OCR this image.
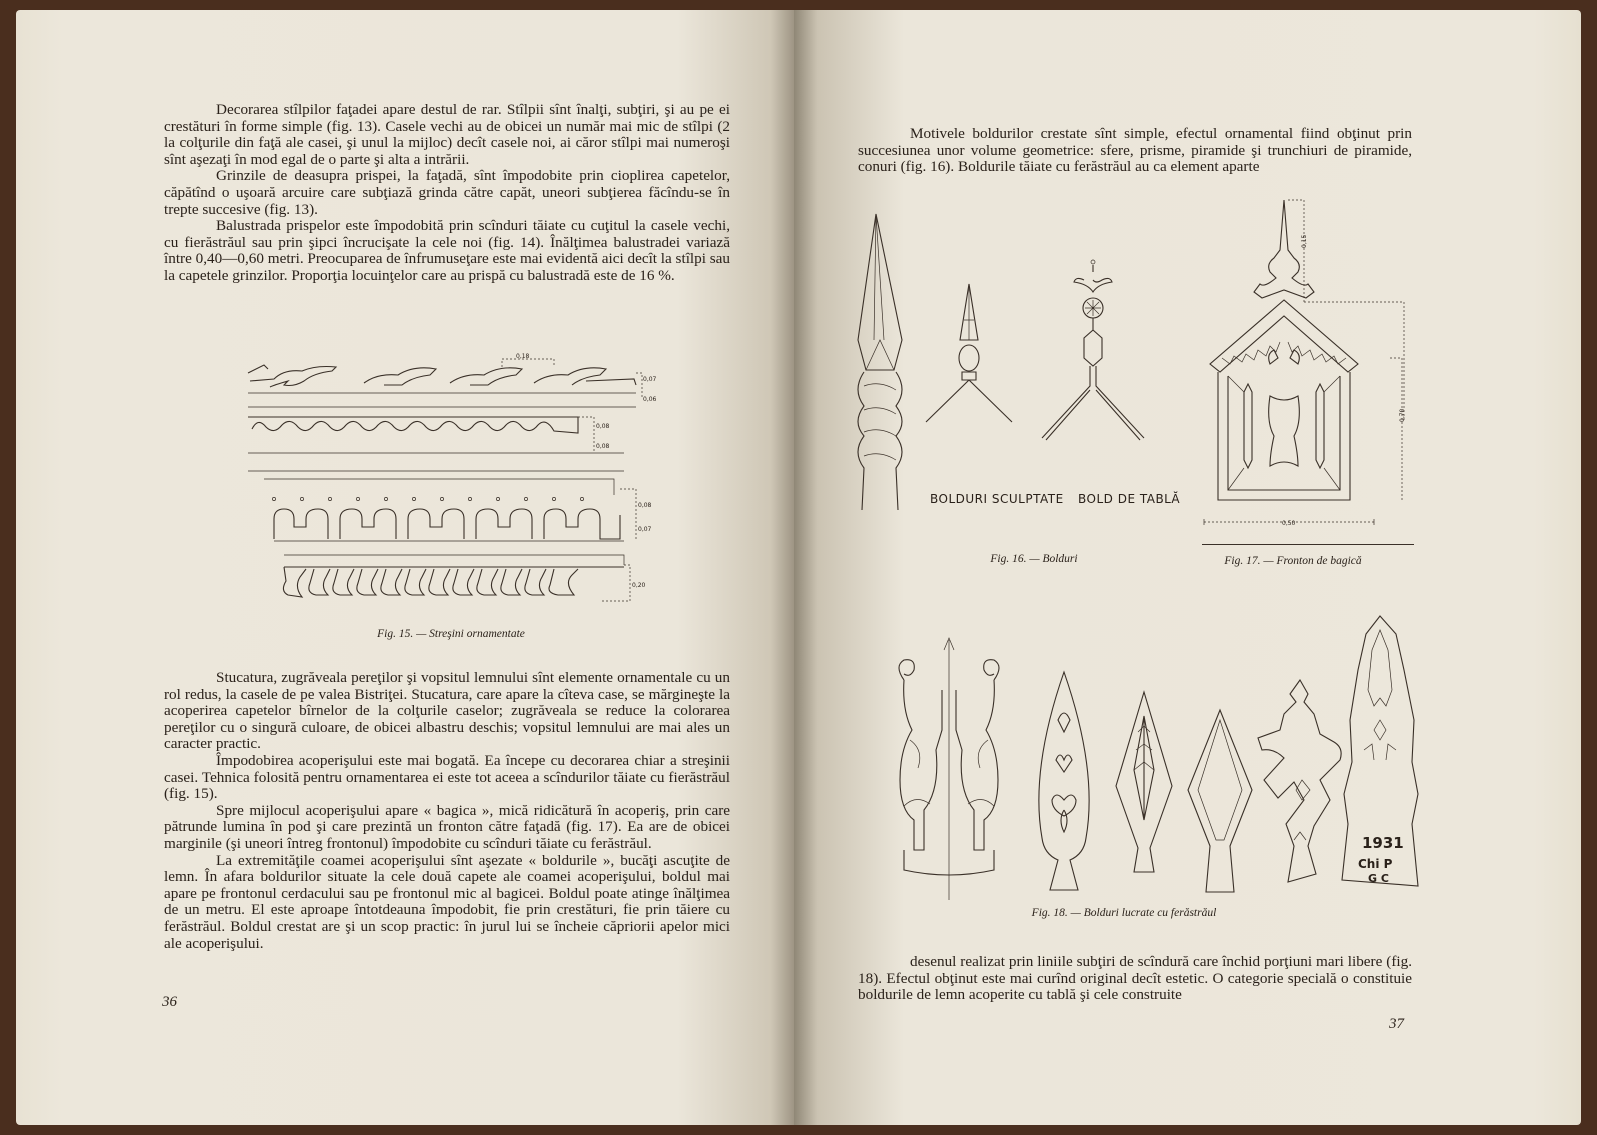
Decorarea stîlpilor faţadei apare destul de rar. Stîlpii sînt înalţi, subţiri, şi au pe ei crestături în forme simple (fig. 13). Casele vechi au de obicei un număr mai mic de stîlpi (2 la colţurile din faţă ale casei, şi unul la mijloc) decît casele noi, ai căror stîlpi mai numeroşi sînt aşezaţi în mod egal de o parte şi alta a intrării.

Grinzile de deasupra prispei, la faţadă, sînt împodobite prin cioplirea capetelor, căpătînd o uşoară arcuire care subţiază grinda către capăt, uneori subţierea făcîndu-se în trepte succesive (fig. 13).

Balustrada prispelor este împodobită prin scînduri tăiate cu cuţitul la casele vechi, cu fierăstrăul sau prin şipci încrucişate la cele noi (fig. 14). Înălţimea balustradei variază între 0,40—0,60 metri. Preocuparea de înfrumuseţare este mai evidentă aici decît la stîlpi sau la capetele grinzilor. Proporţia locuinţelor care au prispă cu balustradă este de 16 %.

0,18
0,07
0,06
0,08
0,08
0,08
0,07
0,20
Fig. 15. — Streşini ornamentate

Stucatura, zugrăveala pereţilor şi vopsitul lemnului sînt elemente ornamentale cu un rol redus, la casele de pe valea Bistriţei. Stucatura, care apare la cîteva case, se mărgineşte la acoperirea capetelor bîrnelor de la colţurile caselor; zugrăveala se reduce la colorarea pereţilor cu o singură culoare, de obicei albastru deschis; vopsitul lemnului are mai ales un caracter practic.

Împodobirea acoperişului este mai bogată. Ea începe cu decorarea chiar a streşinii casei. Tehnica folosită pentru ornamentarea ei este tot aceea a scîndurilor tăiate cu fierăstrăul (fig. 15).

Spre mijlocul acoperişului apare « bagica », mică ridicătură în acoperiş, prin care pătrunde lumina în pod şi care prezintă un fronton către faţadă (fig. 17). Ea are de obicei marginile (şi uneori întreg frontonul) împodobite cu scînduri tăiate cu ferăstrăul.

La extremităţile coamei acoperişului sînt aşezate « boldurile », bucăţi ascuţite de lemn. În afara boldurilor situate la cele două capete ale coamei acoperişului, boldul mai apare pe frontonul cerdacului sau pe frontonul mic al bagicei. Boldul poate atinge înălţimea de un metru. El este aproape întotdeauna împodobit, fie prin crestături, fie prin tăiere cu ferăstrăul. Boldul crestat are şi un scop practic: în jurul lui se încheie căpriorii apelor mici ale acoperişului.

36

Motivele boldurilor crestate sînt simple, efectul ornamental fiind obţinut prin succesiunea unor volume geometrice: sfere, prisme, piramide şi trunchiuri de piramide, conuri (fig. 16). Boldurile tăiate cu ferăstrăul au ca element aparte

BOLDURI SCULPTATE BOLD DE TABLĂ
Fig. 16. — Bolduri
0,15
0,70
0,50
Fig. 17. — Fronton de bagică
1931
Chi P
G C
Fig. 18. — Bolduri lucrate cu ferăstrăul

desenul realizat prin liniile subţiri de scîndură care închid porţiuni mari libere (fig. 18). Efectul obţinut este mai curînd original decît estetic. O categorie specială o constituie boldurile de lemn acoperite cu tablă şi cele construite

37
